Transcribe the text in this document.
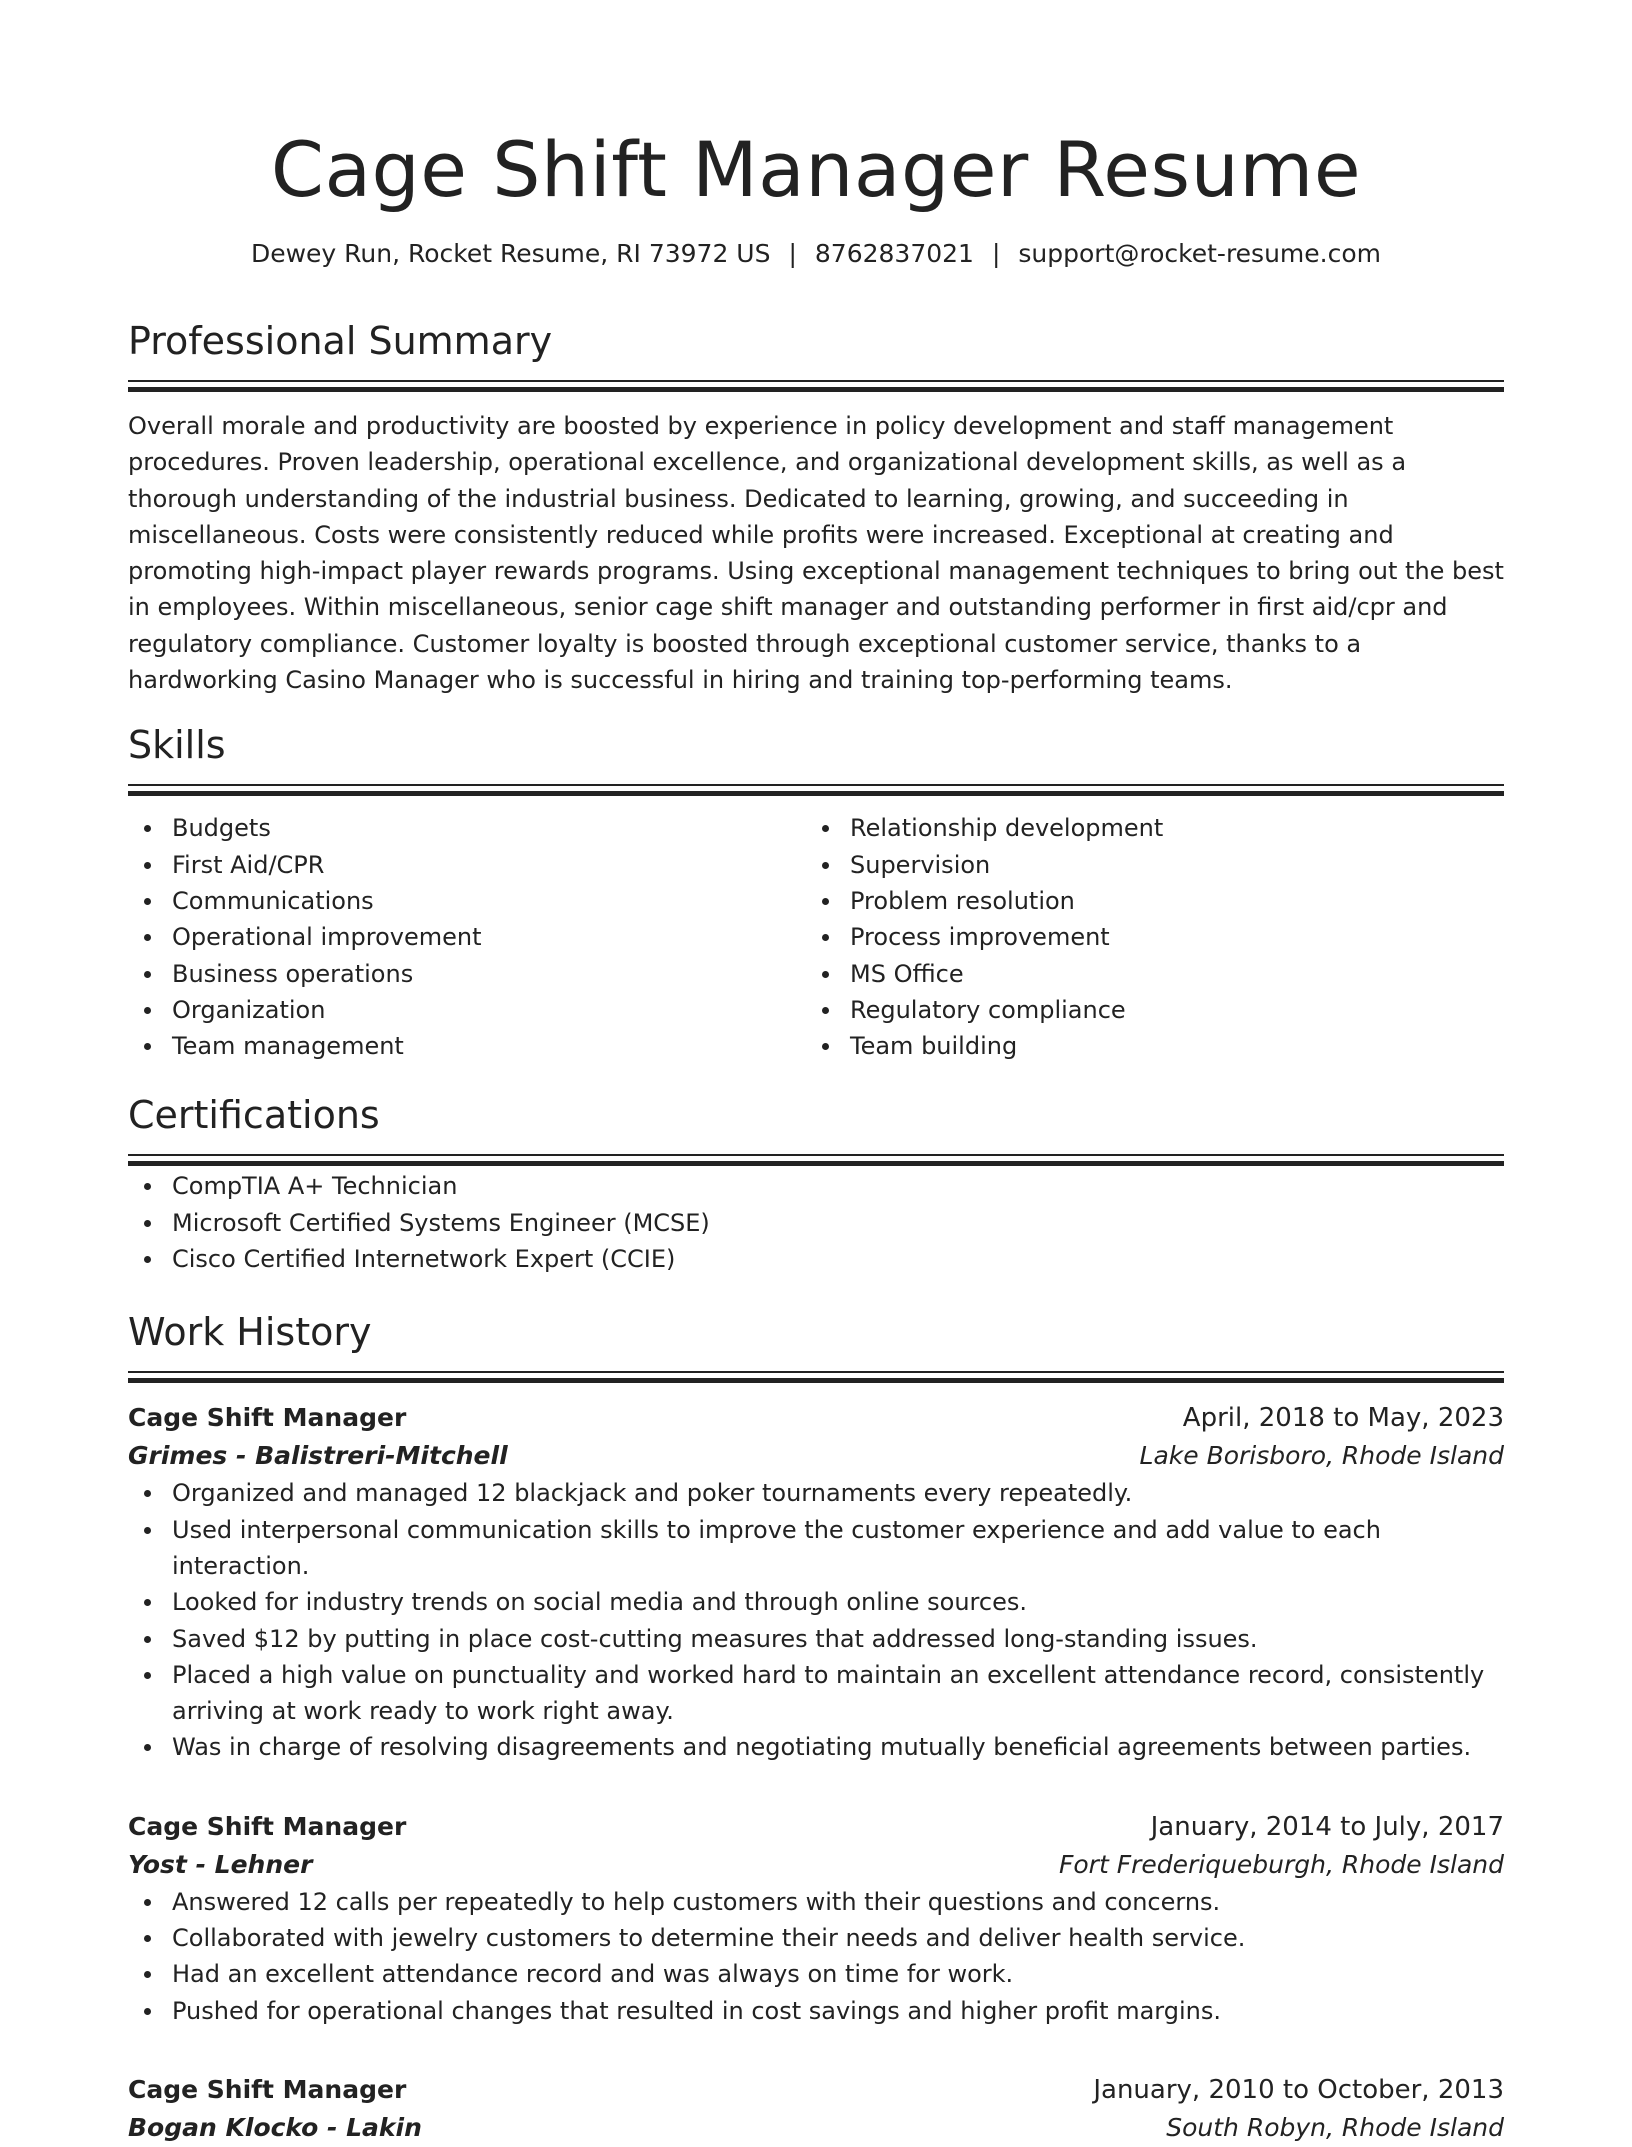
Cage Shift Manager Resume
Dewey Run, Rocket Resume, RI 73972 US | 8762837021 | support@rocket-resume.com
Professional Summary

Overall morale and productivity are boosted by experience in policy development and staff management procedures. Proven leadership, operational excellence, and organizational development skills, as well as a thorough understanding of the industrial business. Dedicated to learning, growing, and succeeding in miscellaneous. Costs were consistently reduced while profits were increased. Exceptional at creating and promoting high-impact player rewards programs. Using exceptional management techniques to bring out the best in employees. Within miscellaneous, senior cage shift manager and outstanding performer in first aid/cpr and regulatory compliance. Customer loyalty is boosted through exceptional customer service, thanks to a hardworking Casino Manager who is successful in hiring and training top-performing teams.

Skills
Budgets
First Aid/CPR
Communications
Operational improvement
Business operations
Organization
Team management
Relationship development
Supervision
Problem resolution
Process improvement
MS Office
Regulatory compliance
Team building
Certifications
CompTIA A+ Technician
Microsoft Certified Systems Engineer (MCSE)
Cisco Certified Internetwork Expert (CCIE)
Work History
Cage Shift Manager	April, 2018 to May, 2023
Grimes - Balistreri-Mitchell	Lake Borisboro, Rhode Island
Organized and managed 12 blackjack and poker tournaments every repeatedly.
Used interpersonal communication skills to improve the customer experience and add value to each interaction.
Looked for industry trends on social media and through online sources.
Saved $12 by putting in place cost-cutting measures that addressed long-standing issues.
Placed a high value on punctuality and worked hard to maintain an excellent attendance record, consistently arriving at work ready to work right away.
Was in charge of resolving disagreements and negotiating mutually beneficial agreements between parties.
Cage Shift Manager	January, 2014 to July, 2017
Yost - Lehner	Fort Frederiqueburgh, Rhode Island
Answered 12 calls per repeatedly to help customers with their questions and concerns.
Collaborated with jewelry customers to determine their needs and deliver health service.
Had an excellent attendance record and was always on time for work.
Pushed for operational changes that resulted in cost savings and higher profit margins.
Cage Shift Manager	January, 2010 to October, 2013
Bogan Klocko - Lakin	South Robyn, Rhode Island
